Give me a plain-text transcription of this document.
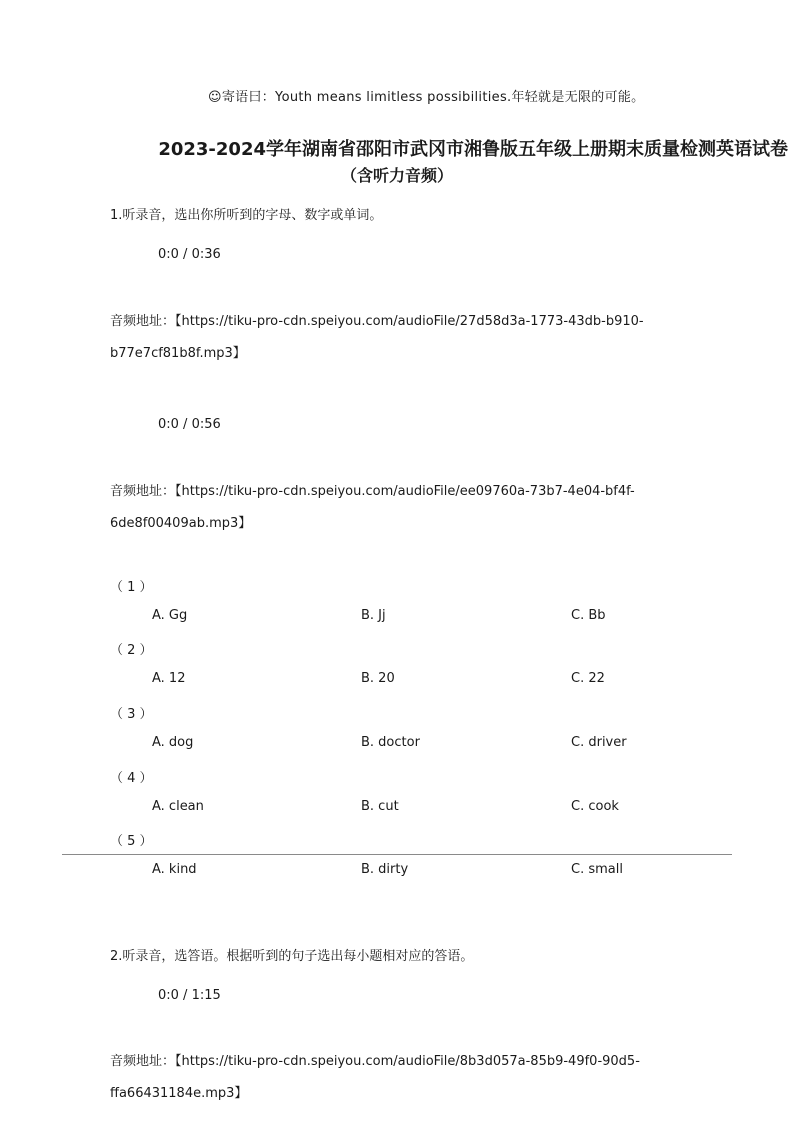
☺寄语曰：Youth means limitless possibilities.年轻就是无限的可能。
2023-2024学年湖南省邵阳市武冈市湘鲁版五年级上册期末质量检测英语试卷
（含听力音频）
1.听录音，选出你所听到的字母、数字或单词。
0:0 / 0:36
音频地址：【https://tiku-pro-cdn.speiyou.com/audioFile/27d58d3a-1773-43db-b910-
b77e7cf81b8f.mp3】
0:0 / 0:56
音频地址：【https://tiku-pro-cdn.speiyou.com/audioFile/ee09760a-73b7-4e04-bf4f-
6de8f00409ab.mp3】
（ 1 ）
A. Gg	B. Jj	C. Bb
（ 2 ）
A. 12	B. 20	C. 22
（ 3 ）
A. dog	B. doctor	C. driver
（ 4 ）
A. clean	B. cut	C. cook
（ 5 ）
A. kind	B. dirty	C. small
2.听录音，选答语。根据听到的句子选出每小题相对应的答语。
0:0 / 1:15
音频地址：【https://tiku-pro-cdn.speiyou.com/audioFile/8b3d057a-85b9-49f0-90d5-
ffa66431184e.mp3】
